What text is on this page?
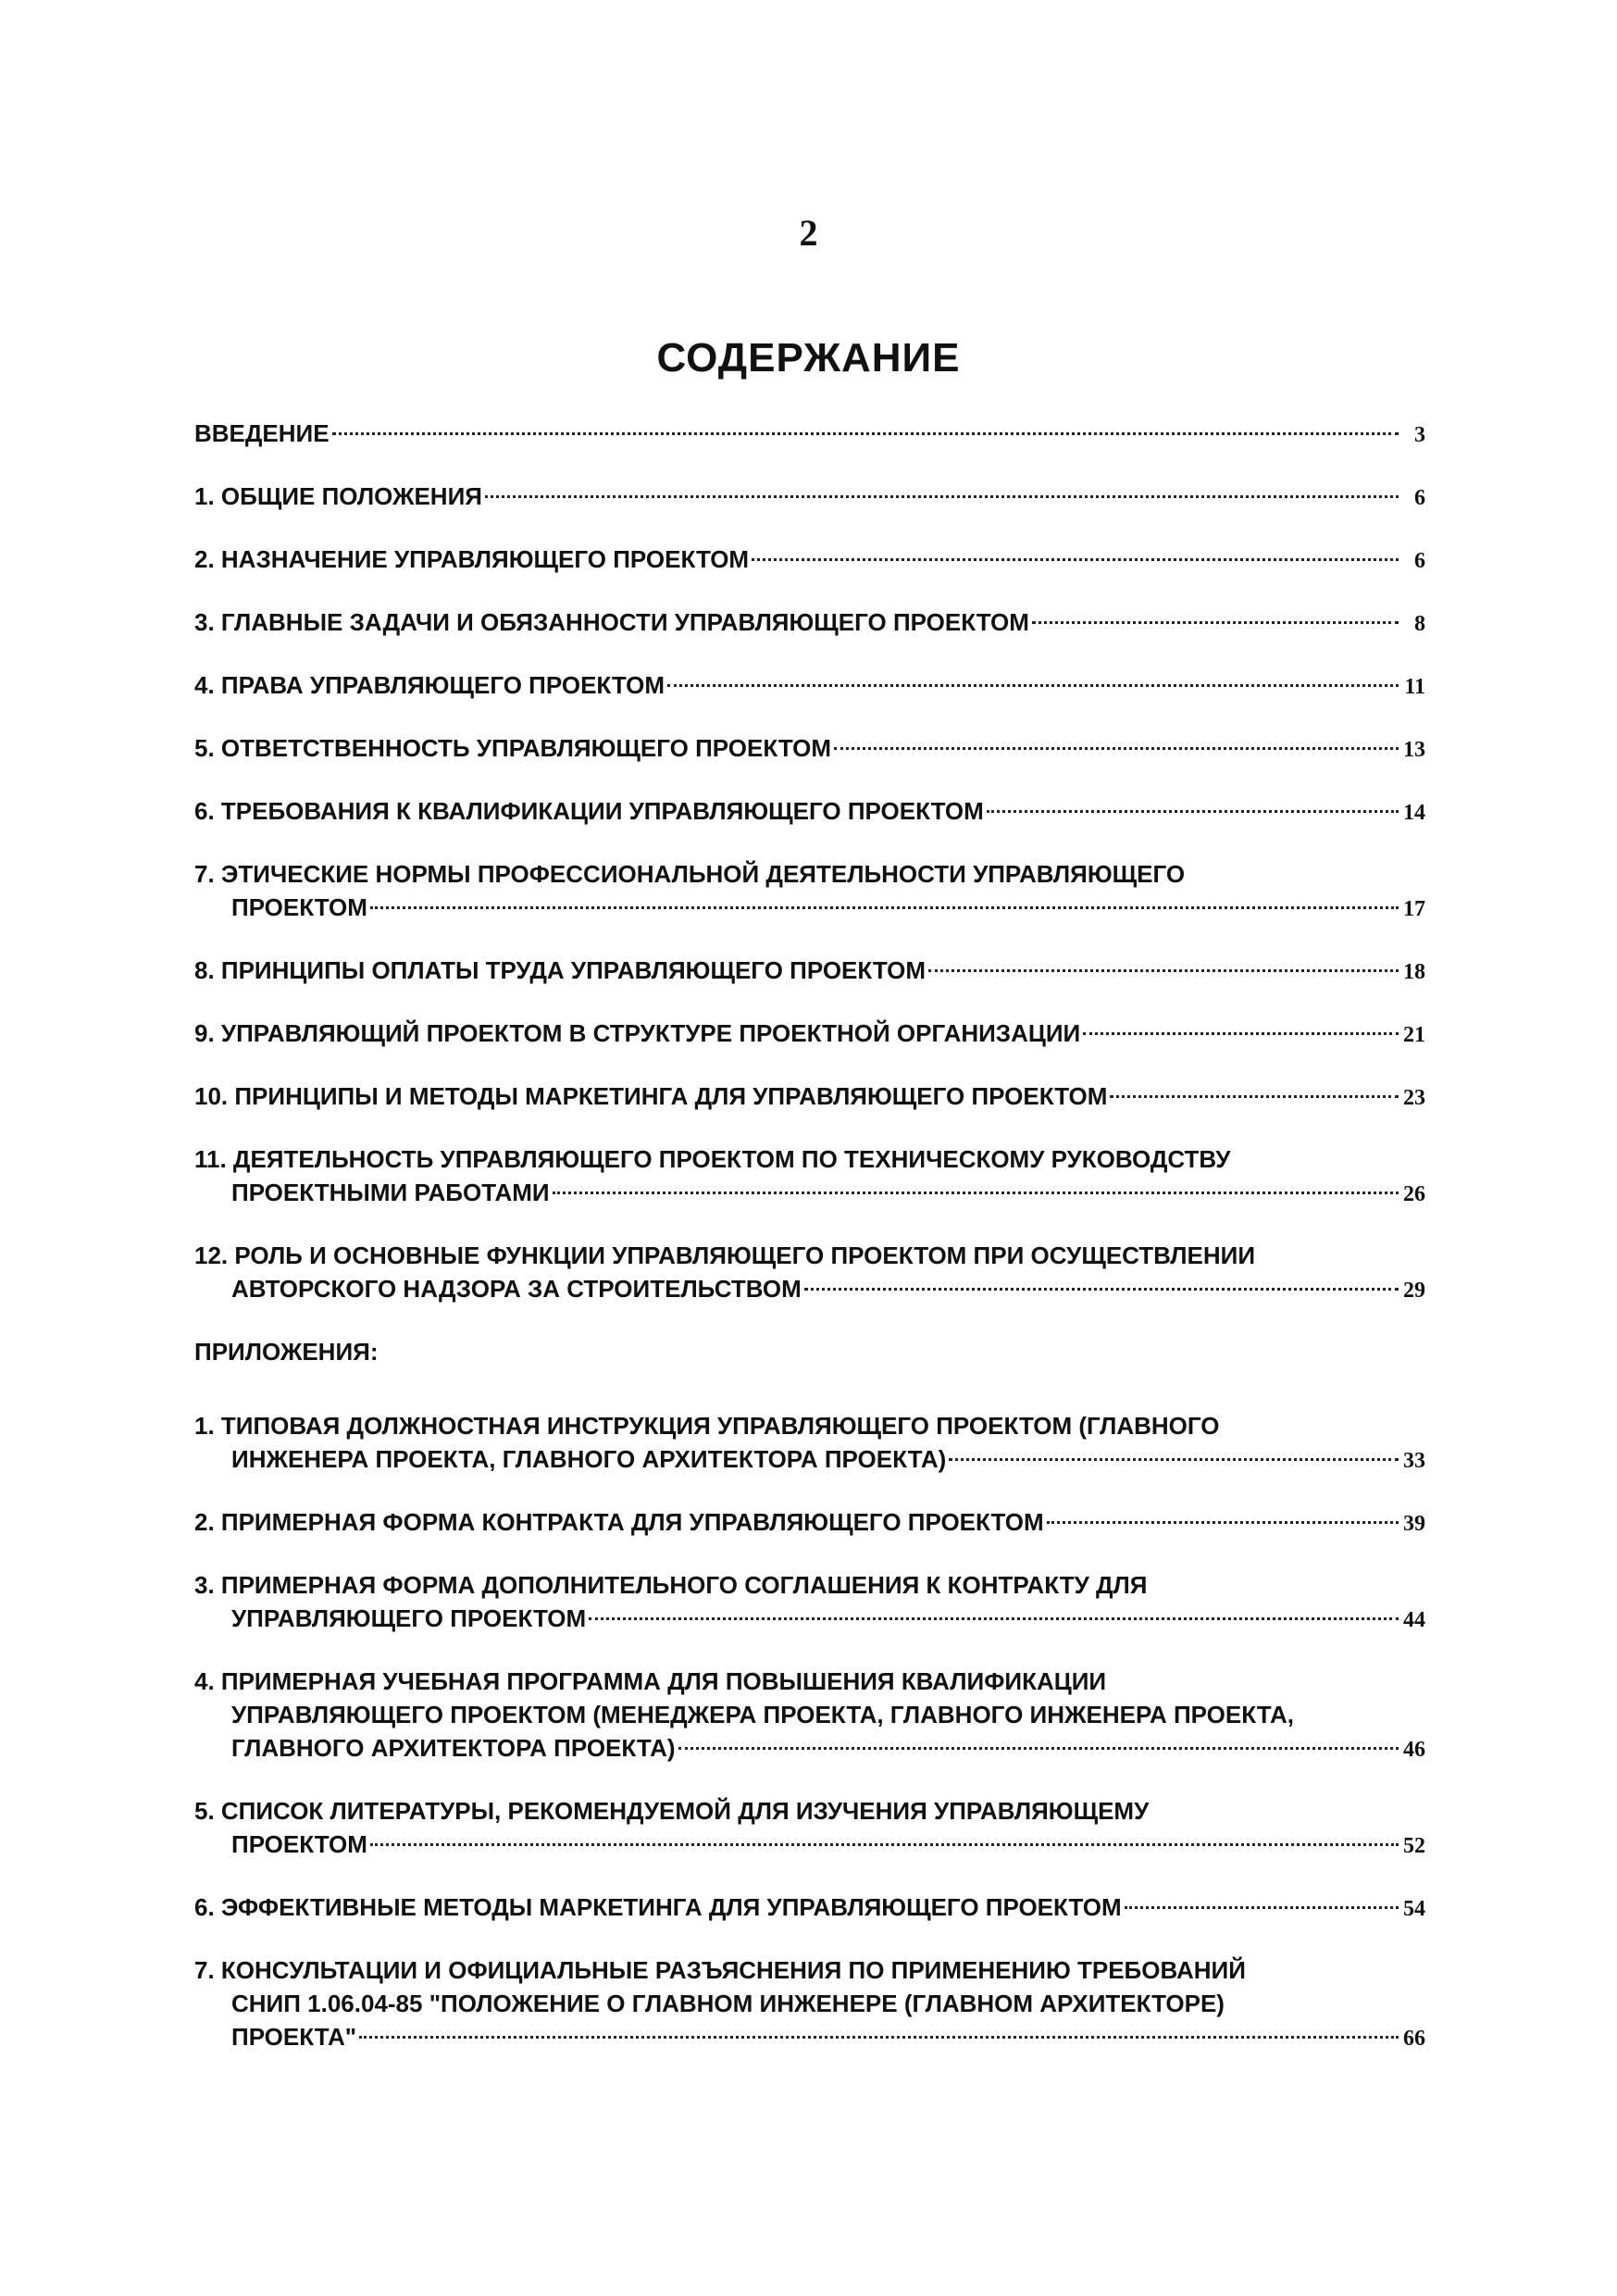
2
СОДЕРЖАНИЕ
ВВЕДЕНИЕ	3
1. ОБЩИЕ ПОЛОЖЕНИЯ	6
2. НАЗНАЧЕНИЕ УПРАВЛЯЮЩЕГО ПРОЕКТОМ	6
3. ГЛАВНЫЕ ЗАДАЧИ И ОБЯЗАННОСТИ УПРАВЛЯЮЩЕГО ПРОЕКТОМ	8
4. ПРАВА УПРАВЛЯЮЩЕГО ПРОЕКТОМ	11
5. ОТВЕТСТВЕННОСТЬ УПРАВЛЯЮЩЕГО ПРОЕКТОМ	13
6. ТРЕБОВАНИЯ К КВАЛИФИКАЦИИ УПРАВЛЯЮЩЕГО ПРОЕКТОМ	14
7. ЭТИЧЕСКИЕ НОРМЫ ПРОФЕССИОНАЛЬНОЙ ДЕЯТЕЛЬНОСТИ УПРАВЛЯЮЩЕГО
ПРОЕКТОМ	17
8. ПРИНЦИПЫ ОПЛАТЫ ТРУДА УПРАВЛЯЮЩЕГО ПРОЕКТОМ	18
9. УПРАВЛЯЮЩИЙ ПРОЕКТОМ В СТРУКТУРЕ ПРОЕКТНОЙ ОРГАНИЗАЦИИ	21
10. ПРИНЦИПЫ И МЕТОДЫ МАРКЕТИНГА ДЛЯ УПРАВЛЯЮЩЕГО ПРОЕКТОМ	23
11. ДЕЯТЕЛЬНОСТЬ УПРАВЛЯЮЩЕГО ПРОЕКТОМ ПО ТЕХНИЧЕСКОМУ РУКОВОДСТВУ
ПРОЕКТНЫМИ РАБОТАМИ	26
12. РОЛЬ И ОСНОВНЫЕ ФУНКЦИИ УПРАВЛЯЮЩЕГО ПРОЕКТОМ ПРИ ОСУЩЕСТВЛЕНИИ
АВТОРСКОГО НАДЗОРА ЗА СТРОИТЕЛЬСТВОМ	29
ПРИЛОЖЕНИЯ:
1. ТИПОВАЯ ДОЛЖНОСТНАЯ ИНСТРУКЦИЯ УПРАВЛЯЮЩЕГО ПРОЕКТОМ (ГЛАВНОГО
ИНЖЕНЕРА ПРОЕКТА, ГЛАВНОГО АРХИТЕКТОРА ПРОЕКТА)	33
2. ПРИМЕРНАЯ ФОРМА КОНТРАКТА ДЛЯ УПРАВЛЯЮЩЕГО ПРОЕКТОМ	39
3. ПРИМЕРНАЯ ФОРМА ДОПОЛНИТЕЛЬНОГО СОГЛАШЕНИЯ К КОНТРАКТУ ДЛЯ
УПРАВЛЯЮЩЕГО ПРОЕКТОМ	44
4. ПРИМЕРНАЯ УЧЕБНАЯ ПРОГРАММА ДЛЯ ПОВЫШЕНИЯ КВАЛИФИКАЦИИ
УПРАВЛЯЮЩЕГО ПРОЕКТОМ (МЕНЕДЖЕРА ПРОЕКТА, ГЛАВНОГО ИНЖЕНЕРА ПРОЕКТА,
ГЛАВНОГО АРХИТЕКТОРА ПРОЕКТА)	46
5. СПИСОК ЛИТЕРАТУРЫ, РЕКОМЕНДУЕМОЙ ДЛЯ ИЗУЧЕНИЯ УПРАВЛЯЮЩЕМУ
ПРОЕКТОМ	52
6. ЭФФЕКТИВНЫЕ МЕТОДЫ МАРКЕТИНГА ДЛЯ УПРАВЛЯЮЩЕГО ПРОЕКТОМ	54
7. КОНСУЛЬТАЦИИ И ОФИЦИАЛЬНЫЕ РАЗЪЯСНЕНИЯ ПО ПРИМЕНЕНИЮ ТРЕБОВАНИЙ
СНИП 1.06.04-85 "ПОЛОЖЕНИЕ О ГЛАВНОМ ИНЖЕНЕРЕ (ГЛАВНОМ АРХИТЕКТОРЕ)
ПРОЕКТА"	66
